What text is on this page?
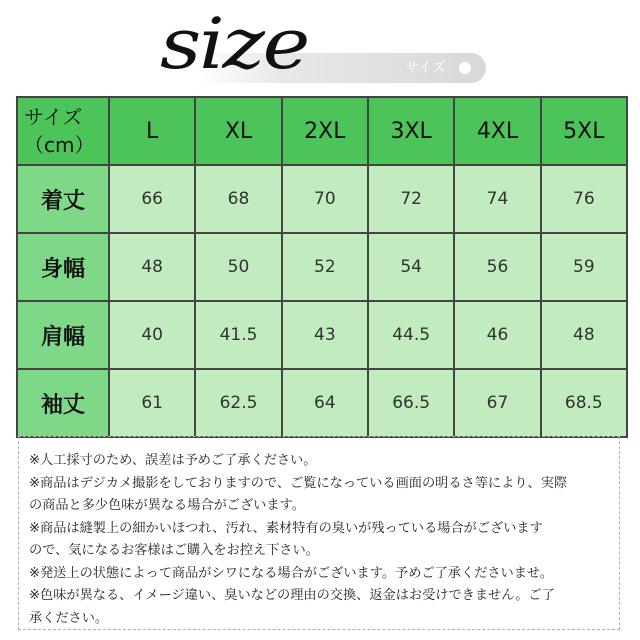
size	サイズ
サイズ
（cm）	L	XL	2XL	3XL	4XL	5XL
着丈	66	68	70	72	74	76
身幅	48	50	52	54	56	59
肩幅	40	41.5	43	44.5	46	48
袖丈	61	62.5	64	66.5	67	68.5
※人工採寸のため、誤差は予めご了承ください。
※商品はデジカメ撮影をしておりますので、ご覧になっている画面の明るさ等により、実際
の商品と多少色味が異なる場合がございます。
※商品は縫製上の細かいほつれ、汚れ、素材特有の臭いが残っている場合がございます
ので、気になるお客様はご購入をお控え下さい。
※発送上の状態によって商品がシワになる場合がございます。予めご了承くださいませ。
※色味が異なる、イメージ違い、臭いなどの理由の交換、返金はお受けできません。ご了
承ください。
